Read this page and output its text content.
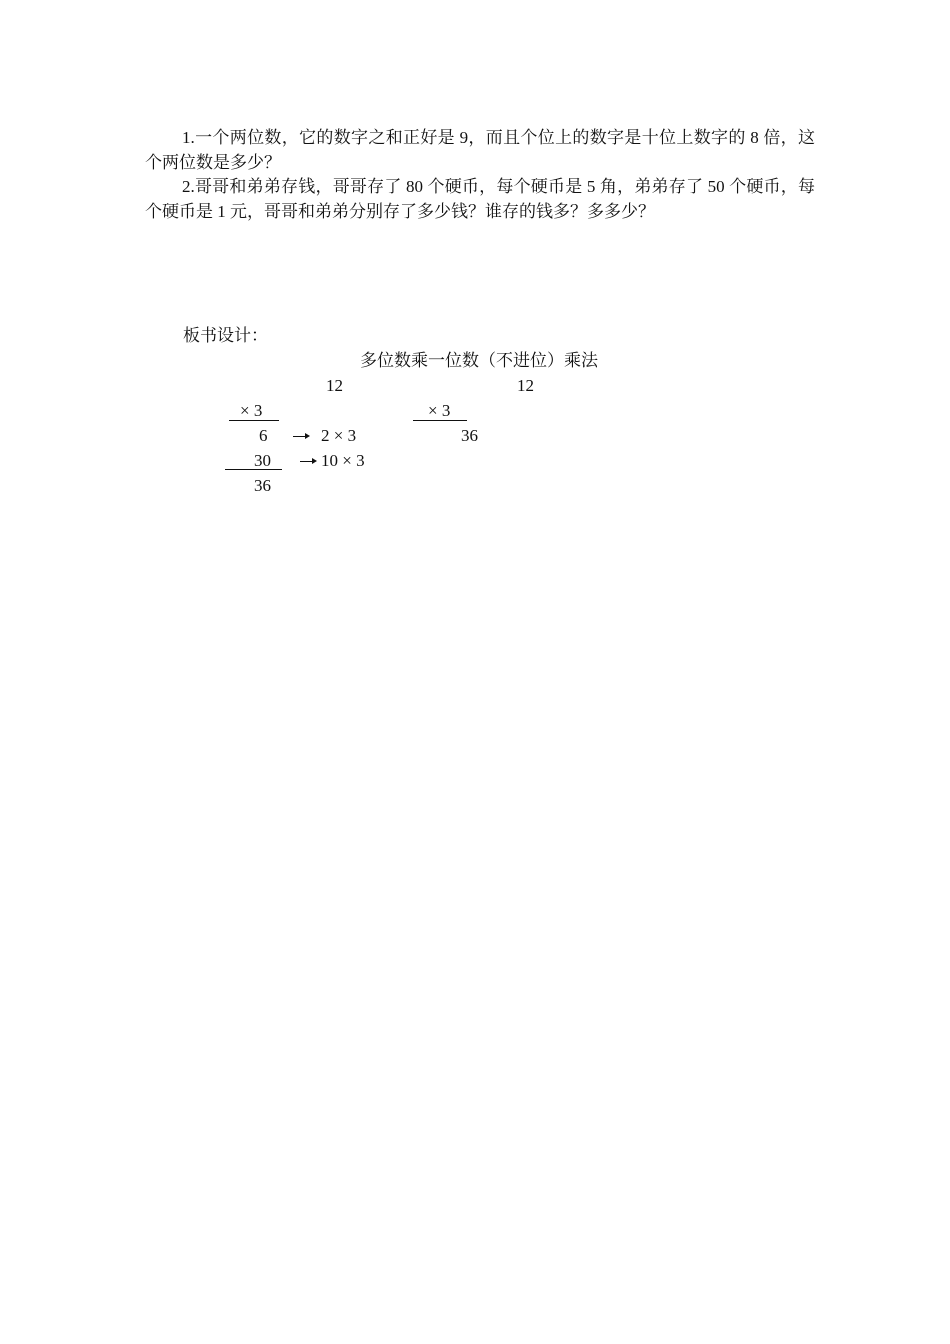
1.一个两位数，它的数字之和正好是 9，而且个位上的数字是十位上数字的 8 倍，这个两位数是多少？

2.哥哥和弟弟存钱，哥哥存了 80 个硬币，每个硬币是 5 角，弟弟存了 50 个硬币，每个硬币是 1 元，哥哥和弟弟分别存了多少钱？谁存的钱多？多多少？

板书设计：
多位数乘一位数（不进位）乘法
12
× 3
6	2 × 3
30	10 × 3
36
12
× 3
36
